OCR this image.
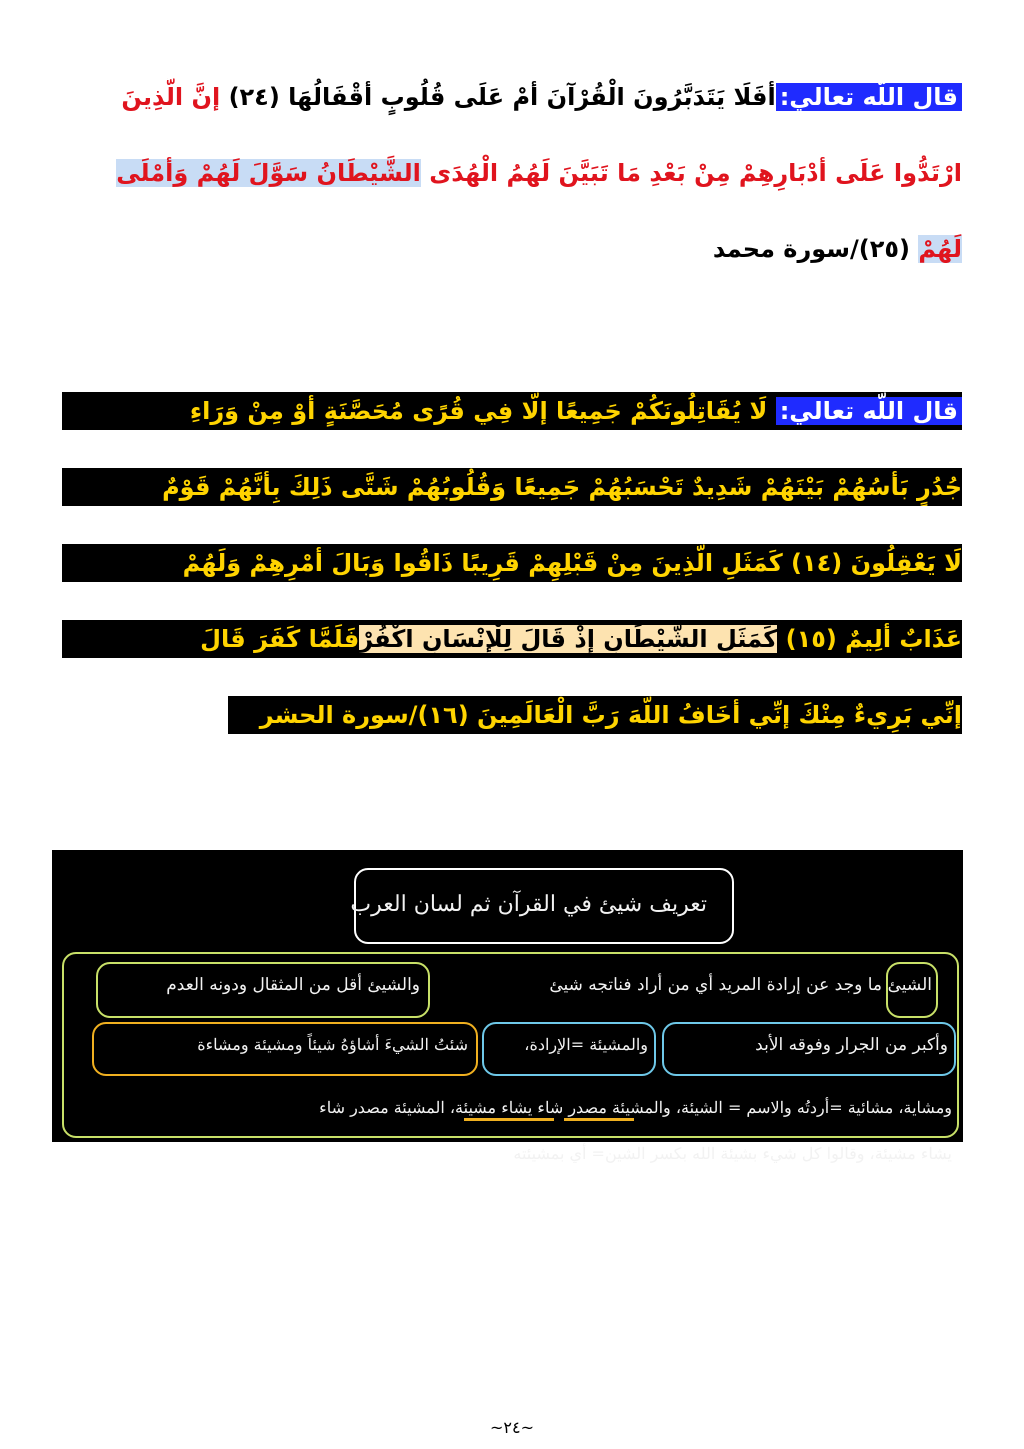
قال اللّه تعالي:أفَلَا يَتَدَبَّرُونَ الْقُرْآنَ أمْ عَلَى قُلُوبٍ أقْفَالُهَا (٢٤) إنَّ الَّذِينَ
ارْتَدُّوا عَلَى أدْبَارِهِمْ مِنْ بَعْدِ مَا تَبَيَّنَ لَهُمُ الْهُدَى الشَّيْطَانُ سَوَّلَ لَهُمْ وَأمْلَى
لَهُمْ (٢٥)/سورة محمد
قال اللّه تعالي: لَا يُقَاتِلُونَكُمْ جَمِيعًا إلَّا فِي قُرًى مُحَصَّنَةٍ أوْ مِنْ وَرَاءِ
جُدُرٍ بَأسُهُمْ بَيْنَهُمْ شَدِيدٌ تَحْسَبُهُمْ جَمِيعًا وَقُلُوبُهُمْ شَتَّى ذَلِكَ بِأنَّهُمْ قَوْمٌ
لَا يَعْقِلُونَ (١٤) كَمَثَلِ الَّذِينَ مِنْ قَبْلِهِمْ قَرِيبًا ذَاقُوا وَبَالَ أمْرِهِمْ وَلَهُمْ
عَذَابٌ ألِيمٌ (١٥) كَمَثَلِ الشَّيْطَانِ إذْ قَالَ لِلْإنْسَانِ اكْفُرْفَلَمَّا كَفَرَ قَالَ
إنِّي بَرِيءٌ مِنْكَ إنِّي أخَافُ اللَّهَ رَبَّ الْعَالَمِينَ (١٦)/سورة الحشر
تعريف شيئ في القرآن ثم لسان العرب
الشيئ
ما وجد عن إرادة المريد أي من أراد فناتجه شيئ
والشيئ أقل من المثقال ودونه العدم
وأكبر من الجرار وفوقه الأبد
والمشيئة =الإرادة،
شئتُ الشيءَ أشاؤهُ شيئاً ومشيئة ومشاءة
ومشاية، مشائية =أردتُه والاسم = الشيئة، والمشيئة مصدر شاء يشاء مشيئة، المشيئة مصدر شاء
يشاء مشيئة، وقالوا كل شيء بشيئة الله بكسر الشين= أي بمشيئته
~٢٤~
